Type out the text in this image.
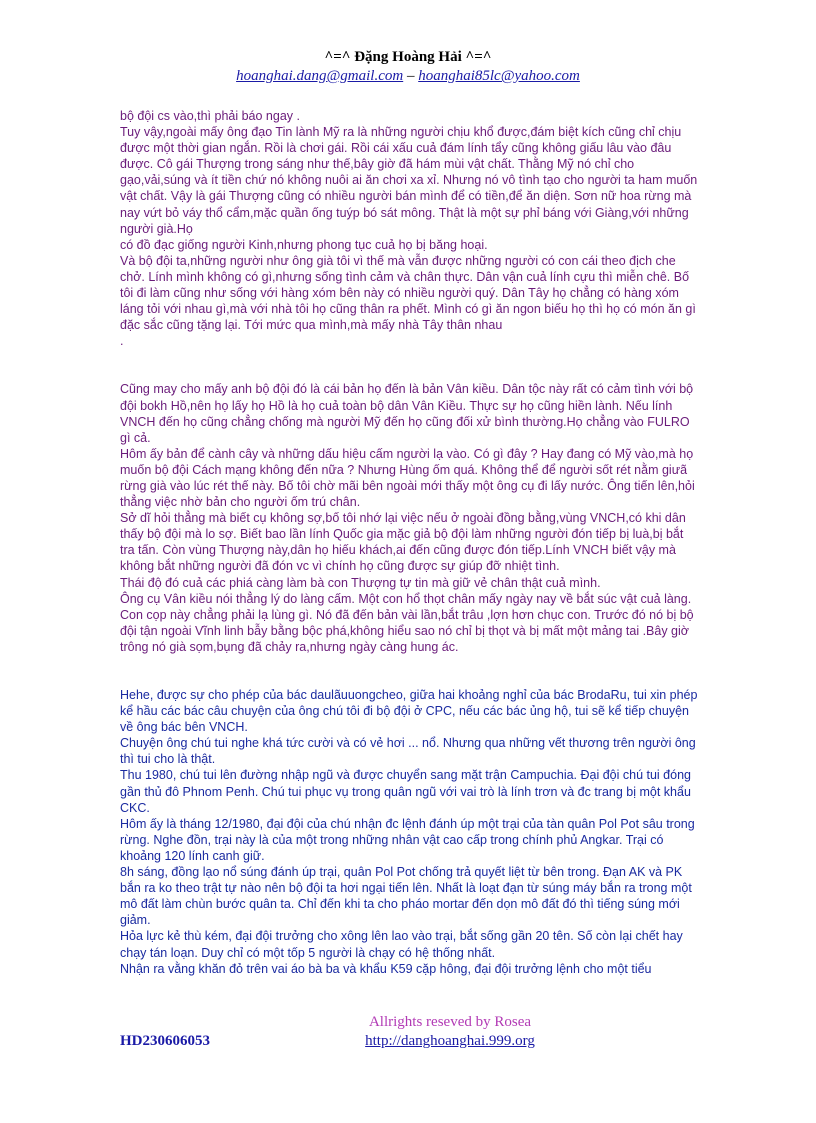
^=^ Đặng Hoàng Hải ^=^
hoanghai.dang@gmail.com – hoanghai85lc@yahoo.com

bộ đội cs vào,thì phải báo ngay .

Tuy vậy,ngoài mấy ông đạo Tin lành Mỹ ra là những người chịu khổ được,đám biệt kích cũng chỉ chịu được một thời gian ngắn. Rồi là chơi gái. Rồi cái xấu cuả đám lính tẩy cũng không giấu lâu vào đâu được. Cô gái Thượng trong sáng như thế,bây giờ đã hám mùi vật chất. Thằng Mỹ nó chỉ cho gạo,vải,súng và ít tiền chứ nó không nuôi ai ăn chơi xa xỉ. Nhưng nó vô tình tạo cho người ta ham muốn vật chất. Vậy là gái Thượng cũng có nhiều người bán mình để có tiền,để ăn diện. Sơn nữ hoa rừng mà nay vứt bỏ váy thổ cẩm,mặc quần ống tuýp bó sát mông. Thật là một sự phỉ báng với Giàng,với những người già.Họ

có đồ đạc giống người Kinh,nhưng phong tục cuả họ bị băng hoại.

Và bộ đội ta,những người như ông già tôi vì thế mà vẫn được những người có con cái theo địch che chở. Lính mình không có gì,nhưng sống tình cảm và chân thực. Dân vận cuả lính cựu thì miễn chê. Bố tôi đi làm cũng như sống với hàng xóm bên này có nhiều người quý. Dân Tây họ chẳng có hàng xóm láng tỏi với nhau gì,mà với nhà tôi họ cũng thân ra phết. Mình có gì ăn ngon biếu họ thì họ có món ăn gì đặc sắc cũng tặng lại. Tới mức qua mình,mà mấy nhà Tây thân nhau

.

Cũng may cho mấy anh bộ đội đó là cái bản họ đến là bản Vân kiều. Dân tộc này rất có cảm tình với bộ đội bokh Hồ,nên họ lấy họ Hồ là họ cuả toàn bộ dân Vân Kiều. Thực sự họ cũng hiền lành. Nếu lính VNCH đến họ cũng chẳng chống mà người Mỹ đến họ cũng đối xử bình thường.Họ chẳng vào FULRO gì cả.

Hôm ấy bản để cành cây và những dấu hiệu cấm người lạ vào. Có gì đây ? Hay đang có Mỹ vào,mà họ muốn bộ đội Cách mạng không đến nữa ? Nhưng Hùng ốm quá. Không thể để người sốt rét nằm giưã rừng già vào lúc rét thế này. Bố tôi chờ mãi bên ngoài mới thấy một ông cụ đi lấy nước. Ông tiến lên,hỏi thẳng việc nhờ bản cho người ốm trú chân.

Sở dĩ hỏi thẳng mà biết cụ không sợ,bố tôi nhớ lại việc nếu ở ngoài đồng bằng,vùng VNCH,có khi dân thấy bộ đội mà lo sợ. Biết bao lần lính Quốc gia mặc giả bộ đội làm những người đón tiếp bị luà,bị bắt tra tấn. Còn vùng Thượng này,dân họ hiếu khách,ai đến cũng được đón tiếp.Lính VNCH biết vậy mà không bắt những người đã đón vc vì chính họ cũng được sự giúp đỡ nhiệt tình.

Thái độ đó cuả các phiá càng làm bà con Thượng tự tin mà giữ vẻ chân thật cuả mình.

Ông cụ Vân kiều nói thẳng lý do làng cấm. Một con hổ thọt chân mấy ngày nay về bắt súc vật cuả làng. Con cọp này chẳng phải lạ lùng gì. Nó đã đến bản vài lần,bắt trâu ,lợn hơn chục con. Trước đó nó bị bộ đội tận ngoài Vĩnh linh bẫy bằng bộc phá,không hiểu sao nó chỉ bị thọt và bị mất một mảng tai .Bây giờ trông nó già sọm,bụng đã chảy ra,nhưng ngày càng hung ác.

Hehe, được sự cho phép của bác daulãuuongcheo, giữa hai khoảng nghỉ của bác BrodaRu, tui xin phép kể hầu các bác câu chuyện của ông chú tôi đi bộ đội ở CPC, nếu các bác ủng hộ, tui sẽ kể tiếp chuyện về ông bác bên VNCH.

Chuyện ông chú tui nghe khá tức cười và có vẻ hơi ... nổ. Nhưng qua những vết thương trên người ông thì tui cho là thật.

Thu 1980, chú tui lên đường nhập ngũ và được chuyển sang mặt trận Campuchia. Đại đội chú tui đóng gần thủ đô Phnom Penh. Chú tui phục vụ trong quân ngũ với vai trò là lính trơn và đc trang bị một khẩu CKC.

Hôm ấy là tháng 12/1980, đại đội của chú nhận đc lệnh đánh úp một trại của tàn quân Pol Pot sâu trong rừng. Nghe đồn, trại này là của một trong những nhân vật cao cấp trong chính phủ Angkar. Trại có khoảng 120 lính canh giữ.

8h sáng, đồng lạo nổ súng đánh úp trại, quân Pol Pot chống trả quyết liệt từ bên trong. Đạn AK và PK bắn ra ko theo trật tự nào nên bộ đội ta hơi ngại tiến lên. Nhất là loạt đạn từ súng máy bắn ra trong một mô đất làm chùn bước quân ta. Chỉ đến khi ta cho pháo mortar đến dọn mô đất đó thì tiếng súng mới giảm.

Hỏa lực kẻ thù kém, đại đội trưởng cho xông lên lao vào trại, bắt sống gần 20 tên. Số còn lại chết hay chạy tán loạn. Duy chỉ có một tốp 5 người là chạy có hệ thống nhất.

Nhận ra vằng khăn đỏ trên vai áo bà ba và khẩu K59 cặp hông, đại đội trưởng lệnh cho một tiểu

Allrights reseved by Rosea
HD230606053	http://danghoanghai.999.org
